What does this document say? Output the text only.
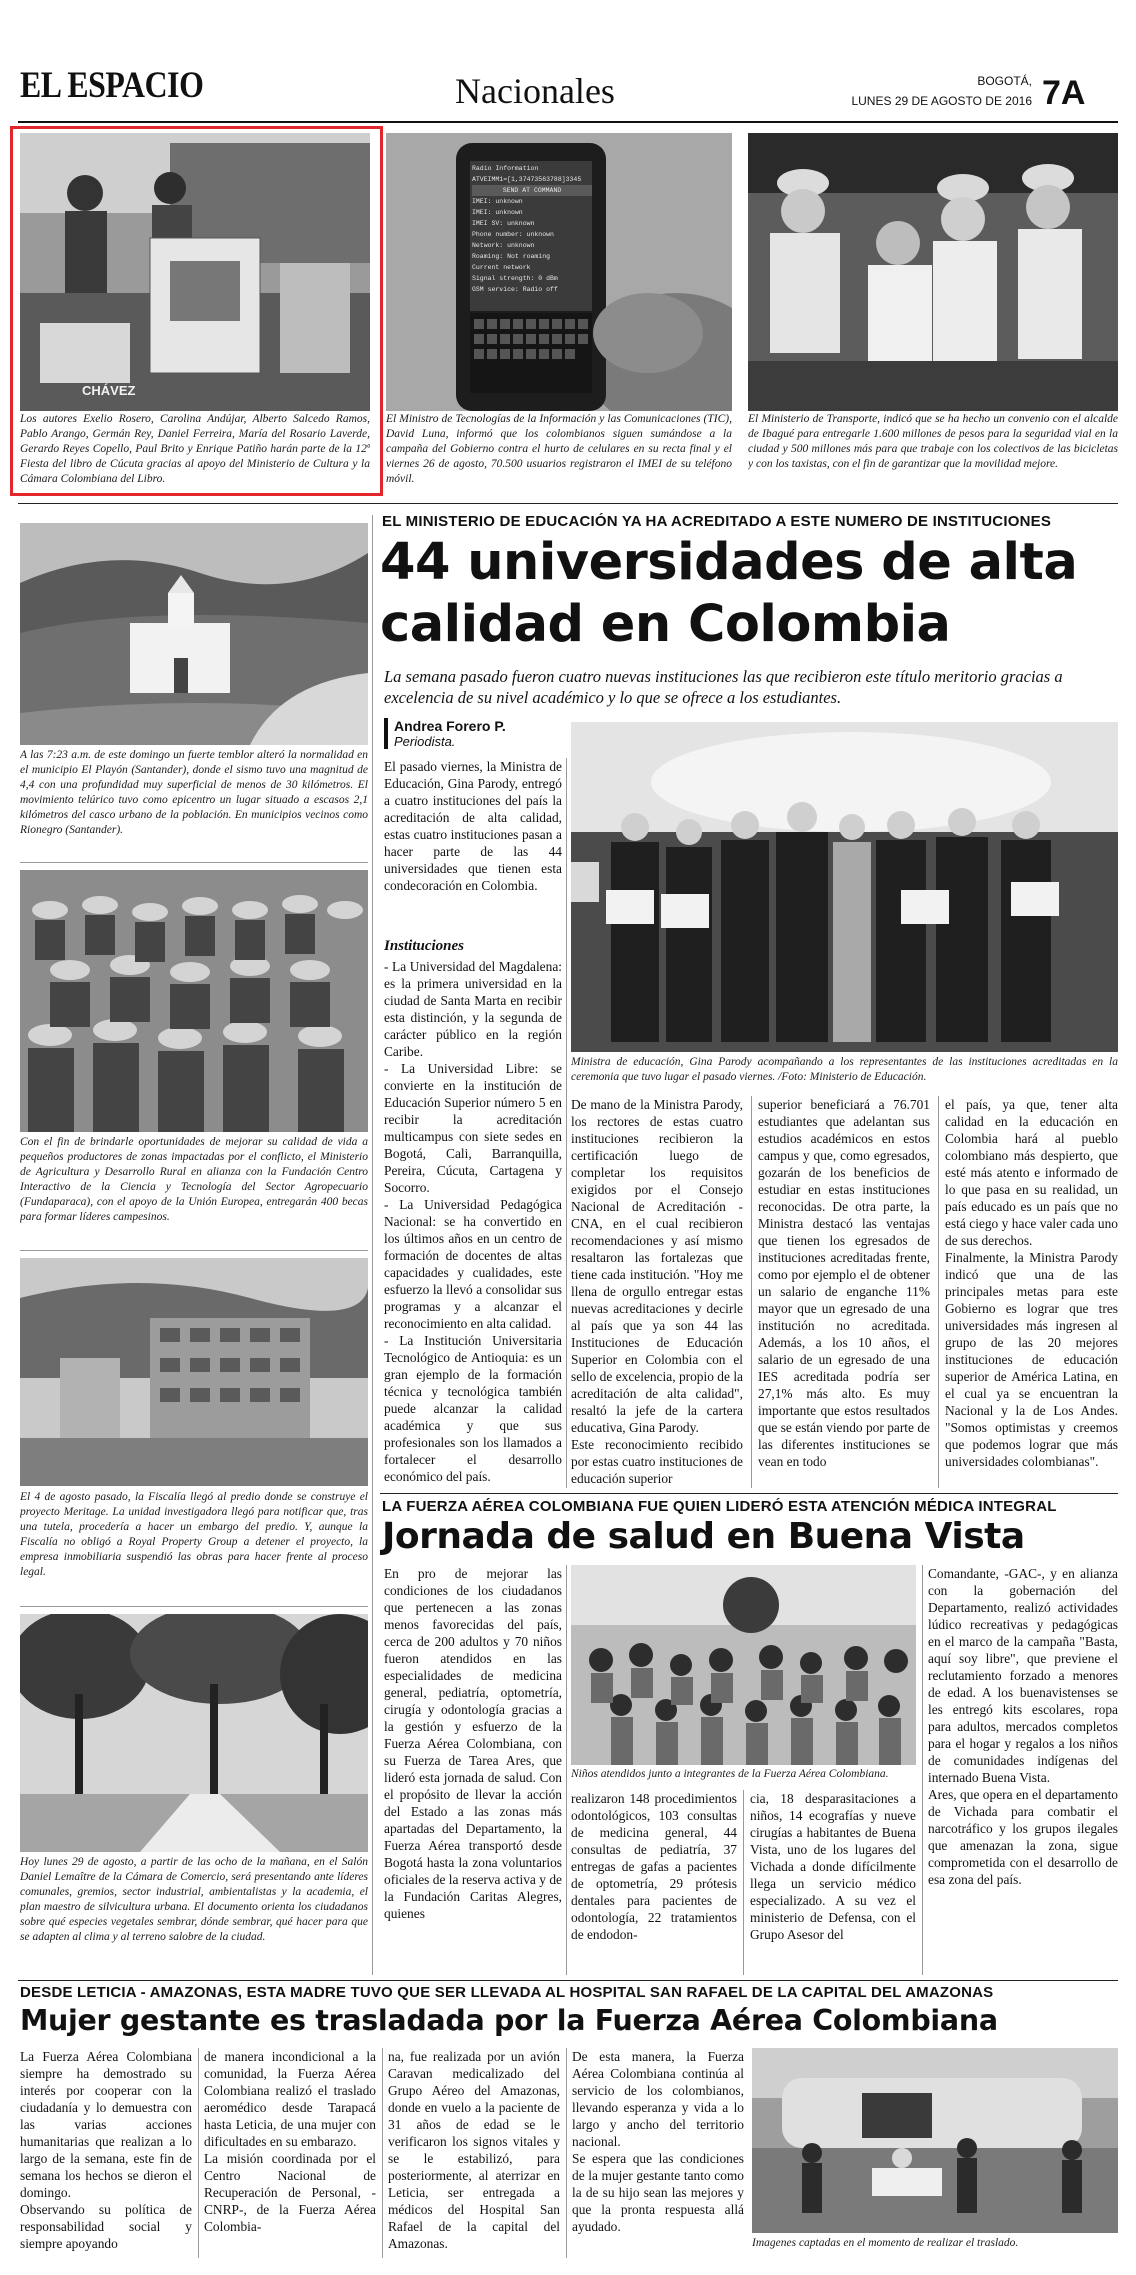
EL ESPACIO	Nacionales	BOGOTÁ,
LUNES 29 DE AGOSTO DE 2016 7A
CHÁVEZ
Los autores Exelio Rosero, Carolina Andújar, Alberto Salcedo Ramos, Pablo Arango, Germán Rey, Daniel Ferreira, María del Rosario Laverde, Gerardo Reyes Copello, Paul Brito y Enrique Patiño harán parte de la 12ª Fiesta del libro de Cúcuta gracias al apoyo del Ministerio de Cultura y la Cámara Colombiana del Libro.
Radio Information
ATVEIMM1=[1,37473563788]3345
SEND AT COMMAND
IMEI: unknown
IMEI: unknown
IMEI SV: unknown
Phone number: unknown
Network: unknown
Roaming: Not roaming
Current network
Signal strength: 0 dBm
GSM service: Radio off
El Ministro de Tecnologías de la Información y las Comunicaciones (TIC), David Luna, informó que los colombianos siguen sumándose a la campaña del Gobierno contra el hurto de celulares en su recta final y el viernes 26 de agosto, 70.500 usuarios registraron el IMEI de su teléfono móvil.
El Ministerio de Transporte, indicó que se ha hecho un convenio con el alcalde de Ibagué para entregarle 1.600 millones de pesos para la seguridad vial en la ciudad y 500 millones más para que trabaje con los colectivos de las bicicletas y con los taxistas, con el fin de garantizar que la movilidad mejore.
A las 7:23 a.m. de este domingo un fuerte temblor alteró la normalidad en el municipio El Playón (Santander), donde el sismo tuvo una magnitud de 4,4 con una profundidad muy superficial de menos de 30 kilómetros. El movimiento telúrico tuvo como epicentro un lugar situado a escasos 2,1 kilómetros del casco urbano de la población. En municipios vecinos como Rionegro (Santander).
Con el fin de brindarle oportunidades de mejorar su calidad de vida a pequeños productores de zonas impactadas por el conflicto, el Ministerio de Agricultura y Desarrollo Rural en alianza con la Fundación Centro Interactivo de la Ciencia y Tecnología del Sector Agropecuario (Fundaparaca), con el apoyo de la Unión Europea, entregarán 400 becas para formar líderes campesinos.
El 4 de agosto pasado, la Fiscalía llegó al predio donde se construye el proyecto Meritage. La unidad investigadora llegó para notificar que, tras una tutela, procedería a hacer un embargo del predio. Y, aunque la Fiscalía no obligó a Royal Property Group a detener el proyecto, la empresa inmobiliaria suspendió las obras para hacer frente al proceso legal.
Hoy lunes 29 de agosto, a partir de las ocho de la mañana, en el Salón Daniel Lemaître de la Cámara de Comercio, será presentando ante líderes comunales, gremios, sector industrial, ambientalistas y la academia, el plan maestro de silvicultura urbana. El documento orienta los ciudadanos sobre qué especies vegetales sembrar, dónde sembrar, qué hacer para que se adapten al clima y al terreno salobre de la ciudad.
EL MINISTERIO DE EDUCACIÓN YA HA ACREDITADO A ESTE NUMERO DE INSTITUCIONES
44 universidades de alta
calidad en Colombia
La semana pasado fueron cuatro nuevas instituciones las que recibieron este título meritorio gracias a excelencia de su nivel académico y lo que se ofrece a los estudiantes.
Andrea Forero P.
Periodista.
El pasado viernes, la Ministra de Educación, Gina Parody, entregó a cuatro instituciones del país la acreditación de alta calidad, estas cuatro instituciones pasan a hacer parte de las 44 universidades que tienen esta condecoración en Colombia.
Instituciones
- La Universidad del Magdalena: es la primera universidad en la ciudad de Santa Marta en recibir esta distinción, y la segunda de carácter público en la región Caribe.
- La Universidad Libre: se convierte en la institución de Educación Superior número 5 en recibir la acreditación multicampus con siete sedes en Bogotá, Cali, Barranquilla, Pereira, Cúcuta, Cartagena y Socorro.
- La Universidad Pedagógica Nacional: se ha convertido en los últimos años en un centro de formación de docentes de altas capacidades y cualidades, este esfuerzo la llevó a consolidar sus programas y a alcanzar el reconocimiento en alta calidad.
- La Institución Universitaria Tecnológico de Antioquia: es un gran ejemplo de la formación técnica y tecnológica también puede alcanzar la calidad académica y que sus profesionales son los llamados a fortalecer el desarrollo económico del país.
Ministra de educación, Gina Parody acompañando a los representantes de las instituciones acreditadas en la ceremonia que tuvo lugar el pasado viernes. /Foto: Ministerio de Educación.
De mano de la Ministra Parody, los rectores de estas cuatro instituciones recibieron la certificación luego de completar los requisitos exigidos por el Consejo Nacional de Acreditación -CNA, en el cual recibieron recomendaciones y así mismo resaltaron las fortalezas que tiene cada institución. "Hoy me llena de orgullo entregar estas nuevas acreditaciones y decirle al país que ya son 44 las Instituciones de Educación Superior en Colombia con el sello de excelencia, propio de la acreditación de alta calidad", resaltó la jefe de la cartera educativa, Gina Parody.
Este reconocimiento recibido por estas cuatro instituciones de educación superior
superior beneficiará a 76.701 estudiantes que adelantan sus estudios académicos en estos campus y que, como egresados, gozarán de los beneficios de estudiar en estas instituciones reconocidas. De otra parte, la Ministra destacó las ventajas que tienen los egresados de instituciones acreditadas frente, como por ejemplo el de obtener un salario de enganche 11% mayor que un egresado de una institución no acreditada. Además, a los 10 años, el salario de un egresado de una IES acreditada podría ser 27,1% más alto. Es muy importante que estos resultados que se están viendo por parte de las diferentes instituciones se vean en todo
el país, ya que, tener alta calidad en la educación en Colombia hará al pueblo colombiano más despierto, que esté más atento e informado de lo que pasa en su realidad, un país educado es un país que no está ciego y hace valer cada uno de sus derechos.
Finalmente, la Ministra Parody indicó que una de las principales metas para este Gobierno es lograr que tres universidades más ingresen al grupo de las 20 mejores instituciones de educación superior de América Latina, en el cual ya se encuentran la Nacional y la de Los Andes. "Somos optimistas y creemos que podemos lograr que más universidades colombianas".
LA FUERZA AÉREA COLOMBIANA FUE QUIEN LIDERÓ ESTA ATENCIÓN MÉDICA INTEGRAL
Jornada de salud en Buena Vista
En pro de mejorar las condiciones de los ciudadanos que pertenecen a las zonas menos favorecidas del país, cerca de 200 adultos y 70 niños fueron atendidos en las especialidades de medicina general, pediatría, optometría, cirugía y odontología gracias a la gestión y esfuerzo de la Fuerza Aérea Colombiana, con su Fuerza de Tarea Ares, que lideró esta jornada de salud. Con el propósito de llevar la acción del Estado a las zonas más apartadas del Departamento, la Fuerza Aérea transportó desde Bogotá hasta la zona voluntarios oficiales de la reserva activa y de la Fundación Caritas Alegres, quienes
Niños atendidos junto a integrantes de la Fuerza Aérea Colombiana.
realizaron 148 procedimientos odontológicos, 103 consultas de medicina general, 44 consultas de pediatría, 37 entregas de gafas a pacientes de optometría, 29 prótesis dentales para pacientes de odontología, 22 tratamientos de endodon-
cia, 18 desparasitaciones a niños, 14 ecografías y nueve cirugías a habitantes de Buena Vista, uno de los lugares del Vichada a donde difícilmente llega un servicio médico especializado. A su vez el ministerio de Defensa, con el Grupo Asesor del
Comandante, -GAC-, y en alianza con la gobernación del Departamento, realizó actividades lúdico recreativas y pedagógicas en el marco de la campaña "Basta, aquí soy libre", que previene el reclutamiento forzado a menores de edad. A los buenavistenses se les entregó kits escolares, ropa para adultos, mercados completos para el hogar y regalos a los niños de comunidades indígenas del internado Buena Vista.
Ares, que opera en el departamento de Vichada para combatir el narcotráfico y los grupos ilegales que amenazan la zona, sigue comprometida con el desarrollo de esa zona del país.
DESDE LETICIA - AMAZONAS, ESTA MADRE TUVO QUE SER LLEVADA AL HOSPITAL SAN RAFAEL DE LA CAPITAL DEL AMAZONAS
Mujer gestante es trasladada por la Fuerza Aérea Colombiana
La Fuerza Aérea Colombiana siempre ha demostrado su interés por cooperar con la ciudadanía y lo demuestra con las varias acciones humanitarias que realizan a lo largo de la semana, este fin de semana los hechos se dieron el domingo.
Observando su política de responsabilidad social y siempre apoyando
de manera incondicional a la comunidad, la Fuerza Aérea Colombiana realizó el traslado aeromédico desde Tarapacá hasta Leticia, de una mujer con dificultades en su embarazo.
La misión coordinada por el Centro Nacional de Recuperación de Personal, -CNRP-, de la Fuerza Aérea Colombia-
na, fue realizada por un avión Caravan medicalizado del Grupo Aéreo del Amazonas, donde en vuelo a la paciente de 31 años de edad se le verificaron los signos vitales y se le estabilizó, para posteriormente, al aterrizar en Leticia, ser entregada a médicos del Hospital San Rafael de la capital del Amazonas.
De esta manera, la Fuerza Aérea Colombiana continúa al servicio de los colombianos, llevando esperanza y vida a lo largo y ancho del territorio nacional.
Se espera que las condiciones de la mujer gestante tanto como la de su hijo sean las mejores y que la pronta respuesta allá ayudado.
Imagenes captadas en el momento de realizar el traslado.
